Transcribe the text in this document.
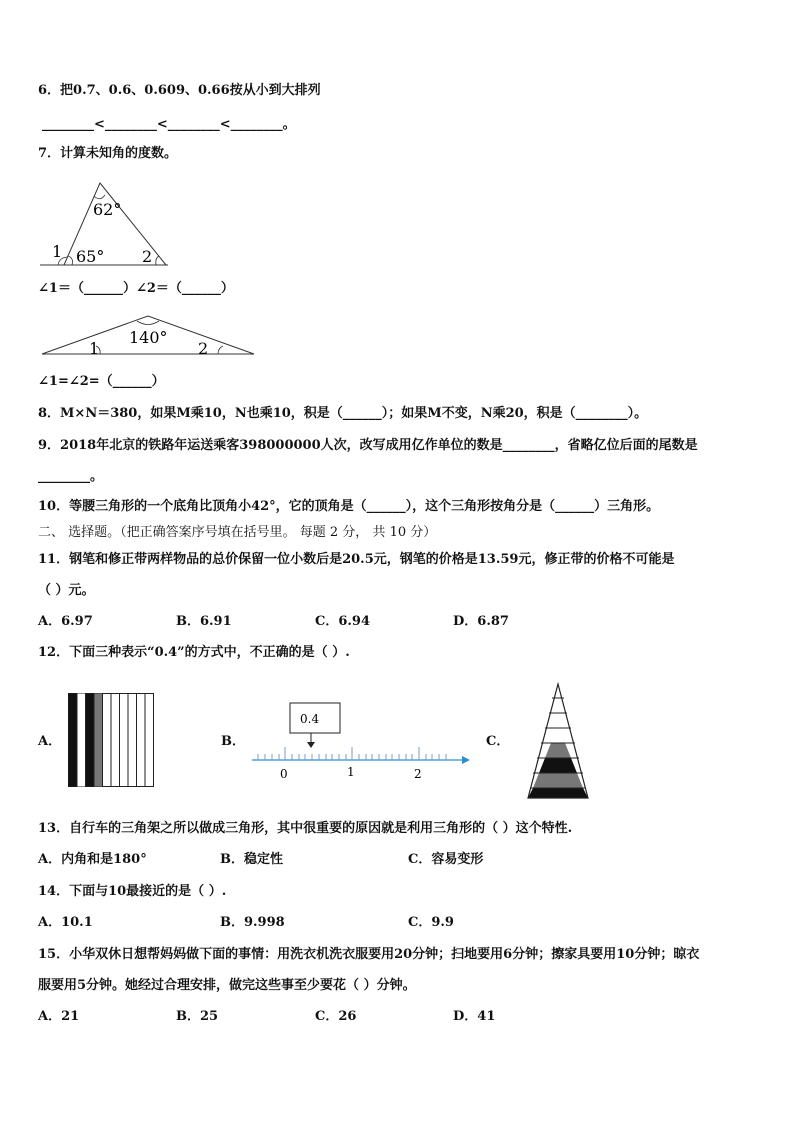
6．把0.7、0.6、0.609、0.66按从小到大排列
________<________<________<________。
7．计算未知角的度数。
62°
65°
1	2
∠1＝（______）∠2＝（______）
140°
1	2
∠1=∠2=（______）
8．M×N＝380，如果M乘10，N也乘10，积是（______）；如果M不变，N乘20，积是（________）。
9．2018年北京的铁路年运送乘客398000000人次，改写成用亿作单位的数是________，省略亿位后面的尾数是
________。
10．等腰三角形的一个底角比顶角小42°，它的顶角是（______），这个三角形按角分是（______）三角形。
二、 选择题。（把正确答案序号填在括号里。 每题 2 分， 共 10 分）
11．钢笔和修正带两样物品的总价保留一位小数后是20.5元，钢笔的价格是13.59元，修正带的价格不可能是
（ ）元。
A．6.97	B．6.91	C．6.94	D．6.87
12．下面三种表示“0.4”的方式中，不正确的是（ ）.
A．	B．
0.4
0	1	2
C．
13．自行车的三角架之所以做成三角形，其中很重要的原因就是利用三角形的（ ）这个特性.
A．内角和是180°	B．稳定性	C．容易变形
14．下面与10最接近的是（ ）.
A．10.1	B．9.998	C．9.9
15．小华双休日想帮妈妈做下面的事情：用洗衣机洗衣服要用20分钟；扫地要用6分钟；擦家具要用10分钟；晾衣
服要用5分钟。她经过合理安排，做完这些事至少要花（ ）分钟。
A．21	B．25	C．26	D．41
